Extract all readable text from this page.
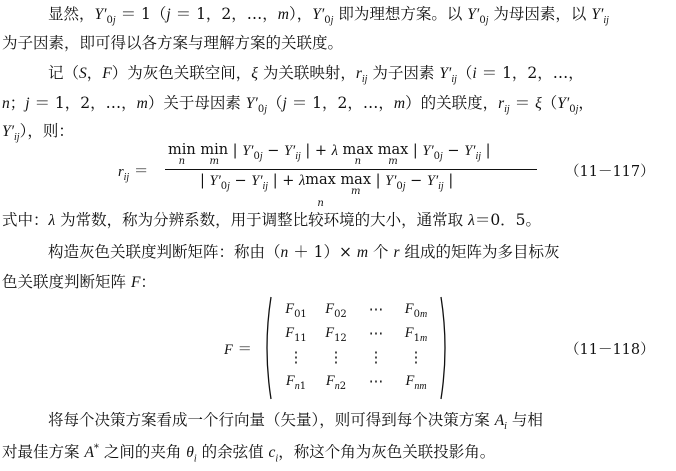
显然，$Y'_{0j} = 1(j = 1$，2，…，m），$Y'_{0j}$ 即为理想方案。以 $Y'_{0j}$ 为母因素，以 $Y'_{ij}$
为子因素，即可得以各方案与理解方案的关联度。
记（S，F）为灰色关联空间，ξ 为关联映射，$r_{ij}$ 为子因素 $Y'_{ij}(i = 1$，2，…，
n；j ＝ 1，2，…，m）关于母因素 $Y'_{0j}(j = 1$，2，…，m）的关联度，$r_{ij} = \xi(Y'_{0j}$，
$Y'_{ij}$），则：
$r_{ij}$ ＝
min
n
min
m
| $Y'_{0j} - Y'_{ij}$ | + λ max
n
max
m
| $Y'_{0j} - Y'_{ij}$ |
| $Y'_{0j} - Y'_{ij}$ | + λmax
n
max
m
| $Y'_{0j} - Y'_{ij}$ |
（11－117）
式中：λ 为常数，称为分辨系数，用于调整比较环境的大小，通常取 λ＝0．5。
构造灰色关联度判断矩阵：称由（n ＋ 1）× m 个 r 组成的矩阵为多目标灰
色关联度判断矩阵 F：
F ＝
$F_{01}$	$F_{02}$	⋯	$F_{0m}$
$F_{11}$	$F_{12}$	⋯	$F_{1m}$
⋮	⋮	⋮	⋮
$F_{n1}$	$F_{n2}$	⋯	$F_{nm}$
（11－118）
将每个决策方案看成一个行向量（矢量），则可得到每个决策方案 $A_i$ 与相
对最佳方案 A* 之间的夹角 $\theta_i$ 的余弦值 $c_i$，称这个角为灰色关联投影角。
